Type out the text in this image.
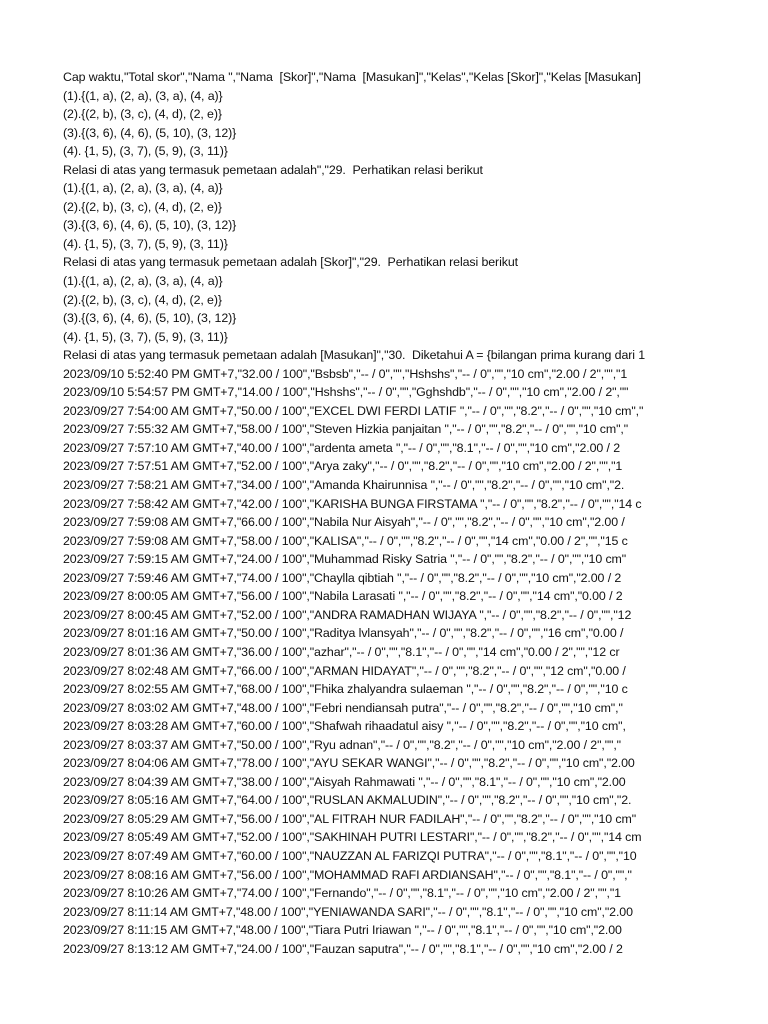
Cap waktu,"Total skor","Nama ","Nama  [Skor]","Nama  [Masukan]","Kelas","Kelas [Skor]","Kelas [Masukan]
(1).{(1, a), (2, a), (3, a), (4, a)}
(2).{(2, b), (3, c), (4, d), (2, e)}
(3).{(3, 6), (4, 6), (5, 10), (3, 12)}
(4). {1, 5), (3, 7), (5, 9), (3, 11)}
Relasi di atas yang termasuk pemetaan adalah","29.  Perhatikan relasi berikut
(1).{(1, a), (2, a), (3, a), (4, a)}
(2).{(2, b), (3, c), (4, d), (2, e)}
(3).{(3, 6), (4, 6), (5, 10), (3, 12)}
(4). {1, 5), (3, 7), (5, 9), (3, 11)}
Relasi di atas yang termasuk pemetaan adalah [Skor]","29.  Perhatikan relasi berikut
(1).{(1, a), (2, a), (3, a), (4, a)}
(2).{(2, b), (3, c), (4, d), (2, e)}
(3).{(3, 6), (4, 6), (5, 10), (3, 12)}
(4). {1, 5), (3, 7), (5, 9), (3, 11)}
Relasi di atas yang termasuk pemetaan adalah [Masukan]","30.  Diketahui A = {bilangan prima kurang dari 1
2023/09/10 5:52:40 PM GMT+7,"32.00 / 100","Bsbsb","-- / 0","","Hshshs","-- / 0","","10 cm","2.00 / 2","","1
2023/09/10 5:54:57 PM GMT+7,"14.00 / 100","Hshshs","-- / 0","","Gghshdb","-- / 0","","10 cm","2.00 / 2",""
2023/09/27 7:54:00 AM GMT+7,"50.00 / 100","EXCEL DWI FERDI LATIF ","-- / 0","","8.2","-- / 0","","10 cm","
2023/09/27 7:55:32 AM GMT+7,"58.00 / 100","Steven Hizkia panjaitan ","-- / 0","","8.2","-- / 0","","10 cm","
2023/09/27 7:57:10 AM GMT+7,"40.00 / 100","ardenta ameta ","-- / 0","","8.1","-- / 0","","10 cm","2.00 / 2
2023/09/27 7:57:51 AM GMT+7,"52.00 / 100","Arya zaky","-- / 0","","8.2","-- / 0","","10 cm","2.00 / 2","","1
2023/09/27 7:58:21 AM GMT+7,"34.00 / 100","Amanda Khairunnisa ","-- / 0","","8.2","-- / 0","","10 cm","2.
2023/09/27 7:58:42 AM GMT+7,"42.00 / 100","KARISHA BUNGA FIRSTAMA ","-- / 0","","8.2","-- / 0","","14 c
2023/09/27 7:59:08 AM GMT+7,"66.00 / 100","Nabila Nur Aisyah","-- / 0","","8.2","-- / 0","","10 cm","2.00 /
2023/09/27 7:59:08 AM GMT+7,"58.00 / 100","KALISA","-- / 0","","8.2","-- / 0","","14 cm","0.00 / 2","","15 c
2023/09/27 7:59:15 AM GMT+7,"24.00 / 100","Muhammad Risky Satria ","-- / 0","","8.2","-- / 0","","10 cm"
2023/09/27 7:59:46 AM GMT+7,"74.00 / 100","Chaylla qibtiah ","-- / 0","","8.2","-- / 0","","10 cm","2.00 / 2
2023/09/27 8:00:05 AM GMT+7,"56.00 / 100","Nabila Larasati ","-- / 0","","8.2","-- / 0","","14 cm","0.00 / 2
2023/09/27 8:00:45 AM GMT+7,"52.00 / 100","ANDRA RAMADHAN WIJAYA ","-- / 0","","8.2","-- / 0","","12
2023/09/27 8:01:16 AM GMT+7,"50.00 / 100","Raditya lvlansyah","-- / 0","","8.2","-- / 0","","16 cm","0.00 /
2023/09/27 8:01:36 AM GMT+7,"36.00 / 100","azhar","-- / 0","","8.1","-- / 0","","14 cm","0.00 / 2","","12 cr
2023/09/27 8:02:48 AM GMT+7,"66.00 / 100","ARMAN HIDAYAT","-- / 0","","8.2","-- / 0","","12 cm","0.00 /
2023/09/27 8:02:55 AM GMT+7,"68.00 / 100","Fhika zhalyandra sulaeman ","-- / 0","","8.2","-- / 0","","10 c
2023/09/27 8:03:02 AM GMT+7,"48.00 / 100","Febri nendiansah putra","-- / 0","","8.2","-- / 0","","10 cm","
2023/09/27 8:03:28 AM GMT+7,"60.00 / 100","Shafwah rihaadatul aisy ","-- / 0","","8.2","-- / 0","","10 cm",
2023/09/27 8:03:37 AM GMT+7,"50.00 / 100","Ryu adnan","-- / 0","","8.2","-- / 0","","10 cm","2.00 / 2","","
2023/09/27 8:04:06 AM GMT+7,"78.00 / 100","AYU SEKAR WANGI","-- / 0","","8.2","-- / 0","","10 cm","2.00
2023/09/27 8:04:39 AM GMT+7,"38.00 / 100","Aisyah Rahmawati ","-- / 0","","8.1","-- / 0","","10 cm","2.00
2023/09/27 8:05:16 AM GMT+7,"64.00 / 100","RUSLAN AKMALUDIN","-- / 0","","8.2","-- / 0","","10 cm","2.
2023/09/27 8:05:29 AM GMT+7,"56.00 / 100","AL FITRAH NUR FADILAH","-- / 0","","8.2","-- / 0","","10 cm"
2023/09/27 8:05:49 AM GMT+7,"52.00 / 100","SAKHINAH PUTRI LESTARI","-- / 0","","8.2","-- / 0","","14 cm
2023/09/27 8:07:49 AM GMT+7,"60.00 / 100","NAUZZAN AL FARIZQI PUTRA","-- / 0","","8.1","-- / 0","","10
2023/09/27 8:08:16 AM GMT+7,"56.00 / 100","MOHAMMAD RAFI ARDIANSAH","-- / 0","","8.1","-- / 0","","
2023/09/27 8:10:26 AM GMT+7,"74.00 / 100","Fernando","-- / 0","","8.1","-- / 0","","10 cm","2.00 / 2","","1
2023/09/27 8:11:14 AM GMT+7,"48.00 / 100","YENIAWANDA SARI","-- / 0","","8.1","-- / 0","","10 cm","2.00
2023/09/27 8:11:15 AM GMT+7,"48.00 / 100","Tiara Putri Iriawan ","-- / 0","","8.1","-- / 0","","10 cm","2.00
2023/09/27 8:13:12 AM GMT+7,"24.00 / 100","Fauzan saputra","-- / 0","","8.1","-- / 0","","10 cm","2.00 / 2
